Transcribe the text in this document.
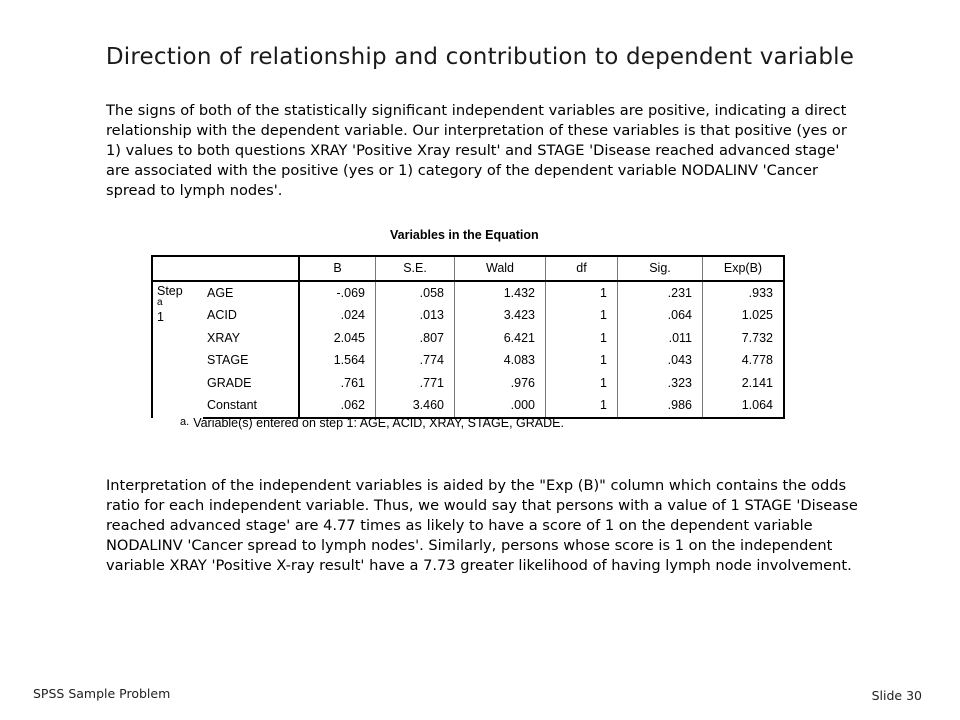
Direction of relationship and contribution to dependent variable
The signs of both of the statistically significant independent variables are positive, indicating a direct relationship with the dependent variable. Our interpretation of these variables is that positive (yes or 1) values to both questions XRAY 'Positive Xray result' and STAGE 'Disease reached advanced stage' are associated with the positive (yes or 1) category of the dependent variable NODALINV 'Cancer spread to lymph nodes'.
Variables in the Equation
		B	S.E.	Wald	df	Sig.	Exp(B)
Step
$^a$
1	AGE	-.069	.058	1.432	1	.231	.933
	ACID	.024	.013	3.423	1	.064	1.025
	XRAY	2.045	.807	6.421	1	.011	7.732
	STAGE	1.564	.774	4.083	1	.043	4.778
	GRADE	.761	.771	.976	1	.323	2.141
	Constant	.062	3.460	.000	1	.986	1.064
a. Variable(s) entered on step 1: AGE, ACID, XRAY, STAGE, GRADE.
Interpretation of the independent variables is aided by the "Exp (B)" column which contains the odds ratio for each independent variable. Thus, we would say that persons with a value of 1 STAGE 'Disease reached advanced stage' are 4.77 times as likely to have a score of 1 on the dependent variable NODALINV 'Cancer spread to lymph nodes'. Similarly, persons whose score is 1 on the independent variable XRAY 'Positive X-ray result' have a 7.73 greater likelihood of having lymph node involvement.
SPSS Sample Problem	Slide 30
